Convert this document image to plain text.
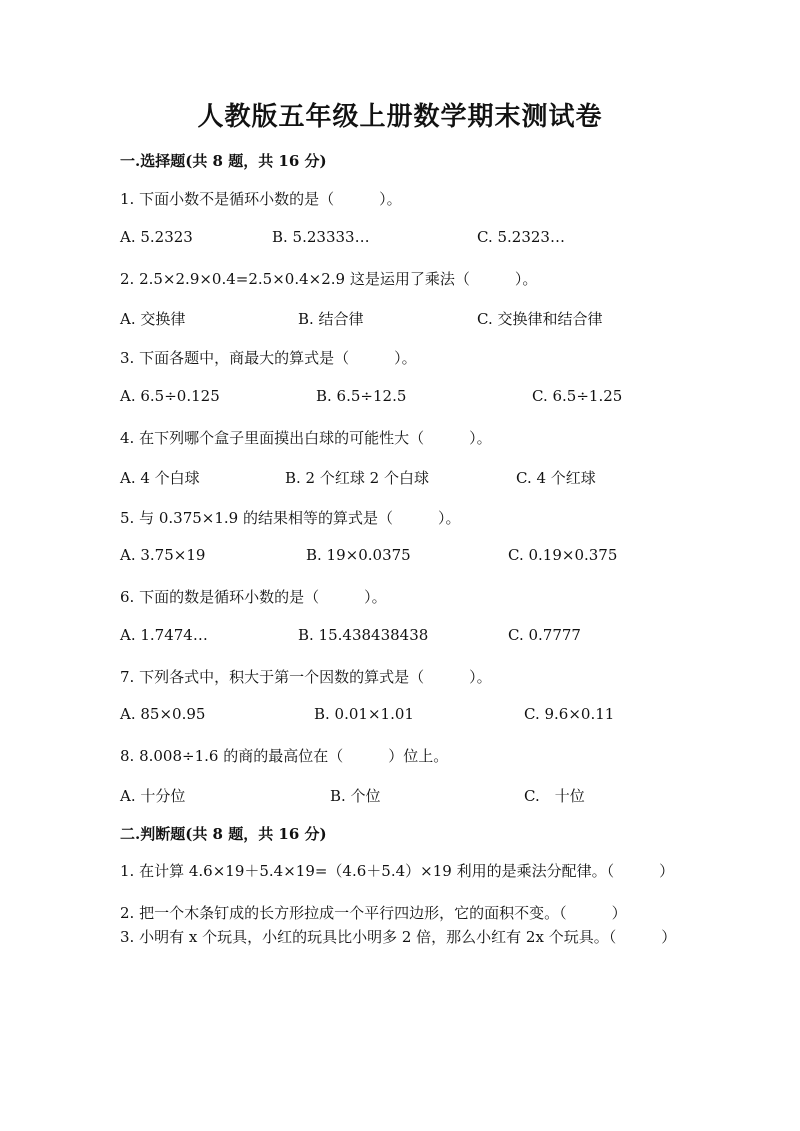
人教版五年级上册数学期末测试卷
一.选择题(共 8 题，共 16 分)
1. 下面小数不是循环小数的是（　　　）。
A. 5.2323	B. 5.23333…	C. 5.2323…
2. 2.5×2.9×0.4=2.5×0.4×2.9 这是运用了乘法（　　　）。
A. 交换律	B. 结合律	C. 交换律和结合律
3. 下面各题中，商最大的算式是（　　　）。
A. 6.5÷0.125	B. 6.5÷12.5	C. 6.5÷1.25
4. 在下列哪个盒子里面摸出白球的可能性大（　　　）。
A. 4 个白球	B. 2 个红球 2 个白球	C. 4 个红球
5. 与 0.375×1.9 的结果相等的算式是（　　　）。
A. 3.75×19	B. 19×0.0375	C. 0.19×0.375
6. 下面的数是循环小数的是（　　　）。
A. 1.7474…	B. 15.438438438	C. 0.7777
7. 下列各式中，积大于第一个因数的算式是（　　　）。
A. 85×0.95	B. 0.01×1.01	C. 9.6×0.11
8. 8.008÷1.6 的商的最高位在（　　　）位上。
A. 十分位	B. 个位	C.　十位
二.判断题(共 8 题，共 16 分)
1. 在计算 4.6×19＋5.4×19=（4.6＋5.4）×19 利用的是乘法分配律。（　　　）
2. 把一个木条钉成的长方形拉成一个平行四边形，它的面积不变。（　　　）
3. 小明有 x 个玩具，小红的玩具比小明多 2 倍，那么小红有 2x 个玩具。（　　　）
